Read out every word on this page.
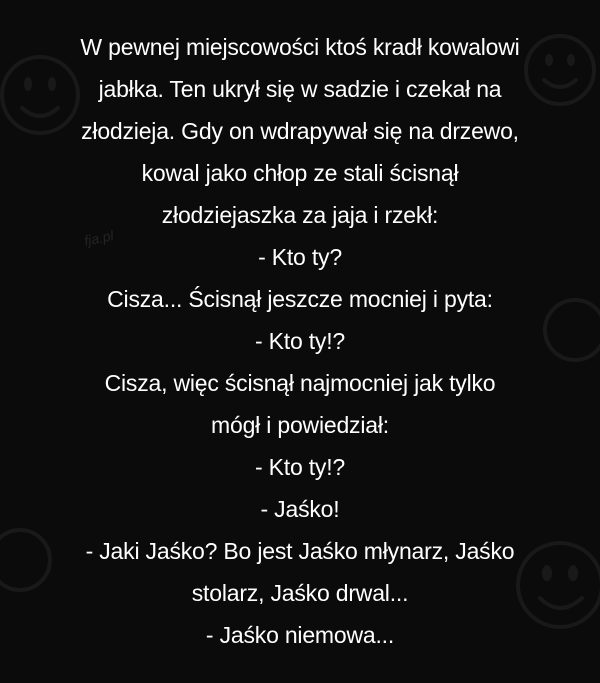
fja.pl
W pewnej miejscowości ktoś kradł kowalowi
jabłka. Ten ukrył się w sadzie i czekał na
złodzieja. Gdy on wdrapywał się na drzewo,
kowal jako chłop ze stali ścisnął
złodziejaszka za jaja i rzekł:
- Kto ty?
Cisza... Ścisnął jeszcze mocniej i pyta:
- Kto ty!?
Cisza, więc ścisnął najmocniej jak tylko
mógł i powiedział:
- Kto ty!?
- Jaśko!
- Jaki Jaśko? Bo jest Jaśko młynarz, Jaśko
stolarz, Jaśko drwal...
- Jaśko niemowa...
